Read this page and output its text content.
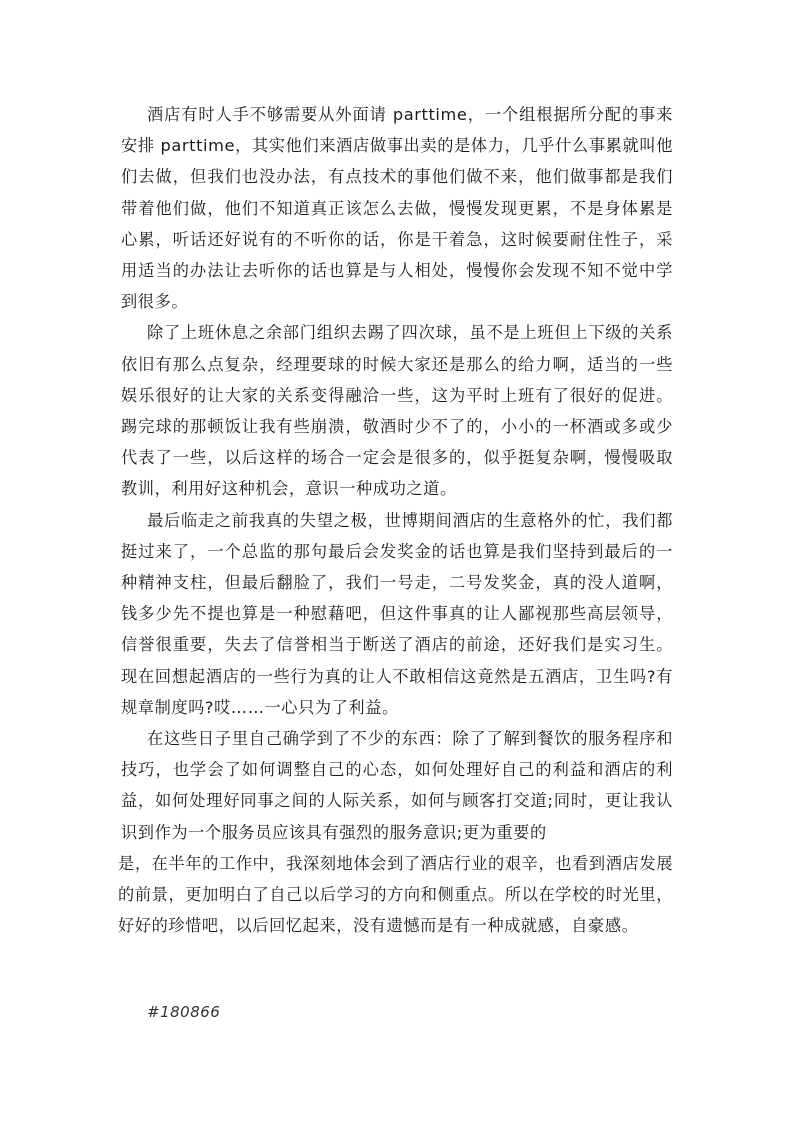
酒店有时人手不够需要从外面请 parttime，一个组根据所分配的事来安排 parttime，其实他们来酒店做事出卖的是体力，几乎什么事累就叫他们去做，但我们也没办法，有点技术的事他们做不来，他们做事都是我们带着他们做，他们不知道真正该怎么去做，慢慢发现更累，不是身体累是心累，听话还好说有的不听你的话，你是干着急，这时候要耐住性子，采用适当的办法让去听你的话也算是与人相处，慢慢你会发现不知不觉中学到很多。

除了上班休息之余部门组织去踢了四次球，虽不是上班但上下级的关系依旧有那么点复杂，经理要球的时候大家还是那么的给力啊，适当的一些娱乐很好的让大家的关系变得融洽一些，这为平时上班有了很好的促进。踢完球的那顿饭让我有些崩溃，敬酒时少不了的，小小的一杯酒或多或少代表了一些，以后这样的场合一定会是很多的，似乎挺复杂啊，慢慢吸取教训，利用好这种机会，意识一种成功之道。

最后临走之前我真的失望之极，世博期间酒店的生意格外的忙，我们都挺过来了，一个总监的那句最后会发奖金的话也算是我们坚持到最后的一种精神支柱，但最后翻脸了，我们一号走，二号发奖金，真的没人道啊，钱多少先不提也算是一种慰藉吧，但这件事真的让人鄙视那些高层领导，信誉很重要，失去了信誉相当于断送了酒店的前途，还好我们是实习生。现在回想起酒店的一些行为真的让人不敢相信这竟然是五酒店，卫生吗?有规章制度吗?哎……一心只为了利益。

在这些日子里自己确学到了不少的东西：除了了解到餐饮的服务程序和技巧，也学会了如何调整自己的心态，如何处理好自己的利益和酒店的利益，如何处理好同事之间的人际关系，如何与顾客打交道;同时，更让我认识到作为一个服务员应该具有强烈的服务意识;更为重要的

是，在半年的工作中，我深刻地体会到了酒店行业的艰辛，也看到酒店发展的前景，更加明白了自己以后学习的方向和侧重点。所以在学校的时光里，好好的珍惜吧，以后回忆起来，没有遗憾而是有一种成就感，自豪感。

#180866
